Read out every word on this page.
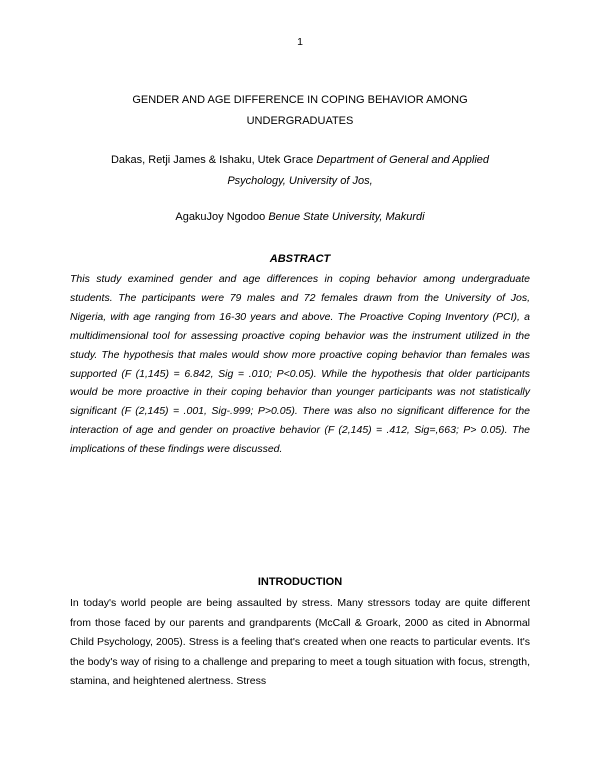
1
GENDER AND AGE DIFFERENCE IN COPING BEHAVIOR AMONG
UNDERGRADUATES
Dakas, Retji James & Ishaku, Utek Grace Department of General and Applied
Psychology, University of Jos,
AgakuJoy Ngodoo Benue State University, Makurdi
ABSTRACT
This study examined gender and age differences in coping behavior among undergraduate students. The participants were 79 males and 72 females drawn from the University of Jos, Nigeria, with age ranging from 16-30 years and above. The Proactive Coping Inventory (PCI), a multidimensional tool for assessing proactive coping behavior was the instrument utilized in the study. The hypothesis that males would show more proactive coping behavior than females was supported (F (1,145) = 6.842, Sig = .010; P<0.05). While the hypothesis that older participants would be more proactive in their coping behavior than younger participants was not statistically significant (F (2,145) = .001, Sig-.999; P>0.05). There was also no significant difference for the interaction of age and gender on proactive behavior (F (2,145) = .412, Sig=,663; P> 0.05). The implications of these findings were discussed.
INTRODUCTION
In today's world people are being assaulted by stress. Many stressors today are quite different from those faced by our parents and grandparents (McCall & Groark, 2000 as cited in Abnormal Child Psychology, 2005). Stress is a feeling that's created when one reacts to particular events. It's the body's way of rising to a challenge and preparing to meet a tough situation with focus, strength, stamina, and heightened alertness. Stress
